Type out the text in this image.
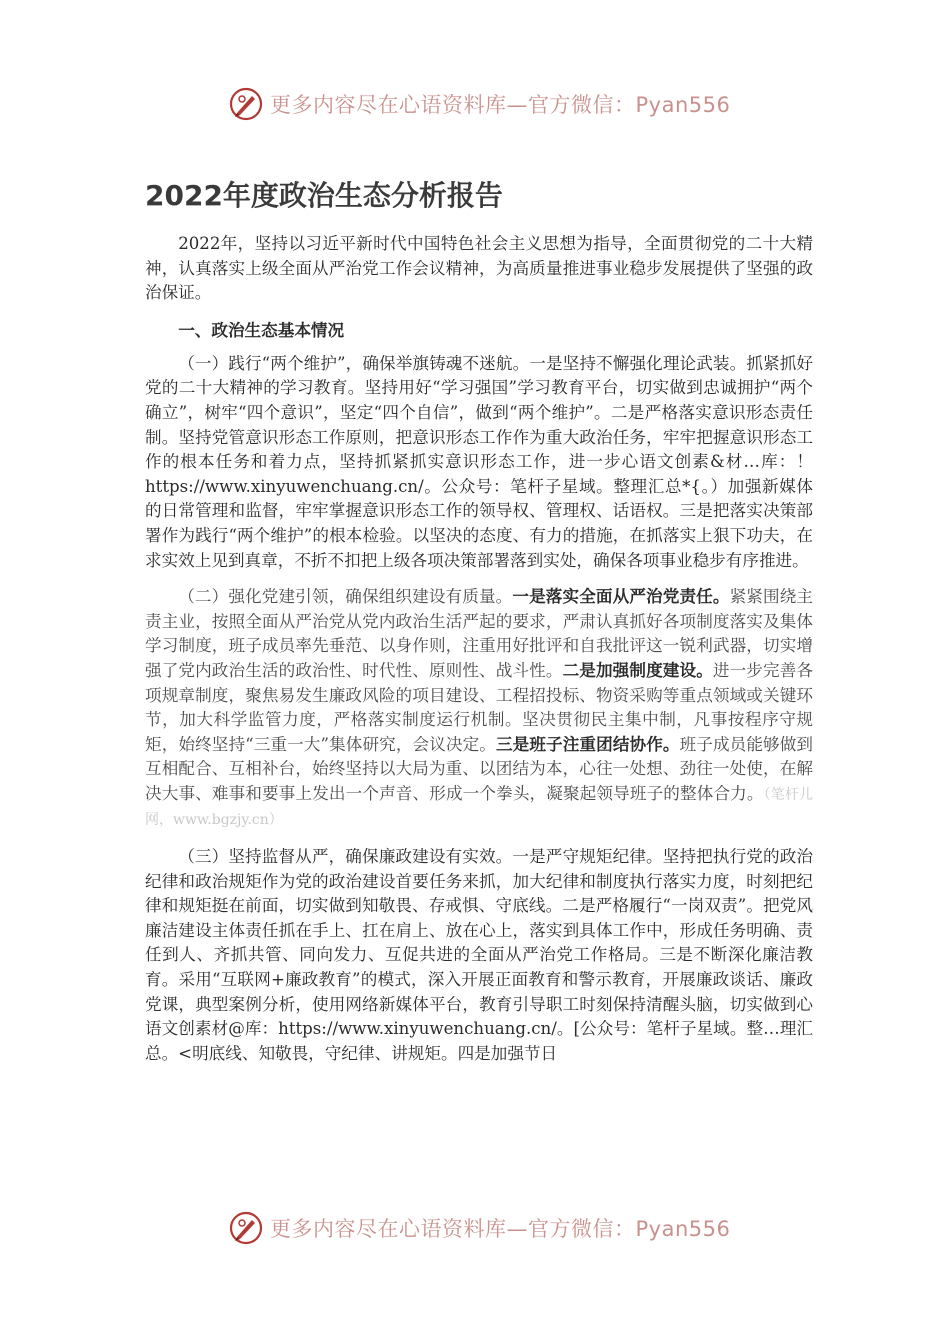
更多内容尽在心语资料库—官方微信：Pyan556
2022年度政治生态分析报告

2022年，坚持以习近平新时代中国特色社会主义思想为指导，全面贯彻党的二十大精神，认真落实上级全面从严治党工作会议精神，为高质量推进事业稳步发展提供了坚强的政治保证。

一、政治生态基本情况

（一）践行“两个维护”，确保举旗铸魂不迷航。一是坚持不懈强化理论武装。抓紧抓好党的二十大精神的学习教育。坚持用好“学习强国”学习教育平台，切实做到忠诚拥护“两个确立”，树牢“四个意识”，坚定“四个自信”，做到“两个维护”。二是严格落实意识形态责任制。坚持党管意识形态工作原则，把意识形态工作作为重大政治任务，牢牢把握意识形态工作的根本任务和着力点，坚持抓紧抓实意识形态工作，进一步心语文创素&材…库：！https://www.xinyuwenchuang.cn/。公众号：笔杆子星域。整理汇总*{。）加强新媒体的日常管理和监督，牢牢掌握意识形态工作的领导权、管理权、话语权。三是把落实决策部署作为践行“两个维护”的根本检验。以坚决的态度、有力的措施，在抓落实上狠下功夫，在求实效上见到真章，不折不扣把上级各项决策部署落到实处，确保各项事业稳步有序推进。

（二）强化党建引领，确保组织建设有质量。一是落实全面从严治党责任。紧紧围绕主责主业，按照全面从严治党从党内政治生活严起的要求，严肃认真抓好各项制度落实及集体学习制度，班子成员率先垂范、以身作则，注重用好批评和自我批评这一锐利武器，切实增强了党内政治生活的政治性、时代性、原则性、战斗性。二是加强制度建设。进一步完善各项规章制度，聚焦易发生廉政风险的项目建设、工程招投标、物资采购等重点领域或关键环节，加大科学监管力度，严格落实制度运行机制。坚决贯彻民主集中制，凡事按程序守规矩，始终坚持“三重一大”集体研究，会议决定。三是班子注重团结协作。班子成员能够做到互相配合、互相补台，始终坚持以大局为重、以团结为本，心往一处想、劲往一处使，在解决大事、难事和要事上发出一个声音、形成一个拳头，凝聚起领导班子的整体合力。（笔杆儿网，www.bgzjy.cn）

（三）坚持监督从严，确保廉政建设有实效。一是严守规矩纪律。坚持把执行党的政治纪律和政治规矩作为党的政治建设首要任务来抓，加大纪律和制度执行落实力度，时刻把纪律和规矩挺在前面，切实做到知敬畏、存戒惧、守底线。二是严格履行“一岗双责”。把党风廉洁建设主体责任抓在手上、扛在肩上、放在心上，落实到具体工作中，形成任务明确、责任到人、齐抓共管、同向发力、互促共进的全面从严治党工作格局。三是不断深化廉洁教育。采用“互联网+廉政教育”的模式，深入开展正面教育和警示教育，开展廉政谈话、廉政党课，典型案例分析，使用网络新媒体平台，教育引导职工时刻保持清醒头脑，切实做到心语文创素材@库：https://www.xinyuwenchuang.cn/。[公众号：笔杆子星域。整…理汇总。<明底线、知敬畏，守纪律、讲规矩。四是加强节日

更多内容尽在心语资料库—官方微信：Pyan556
